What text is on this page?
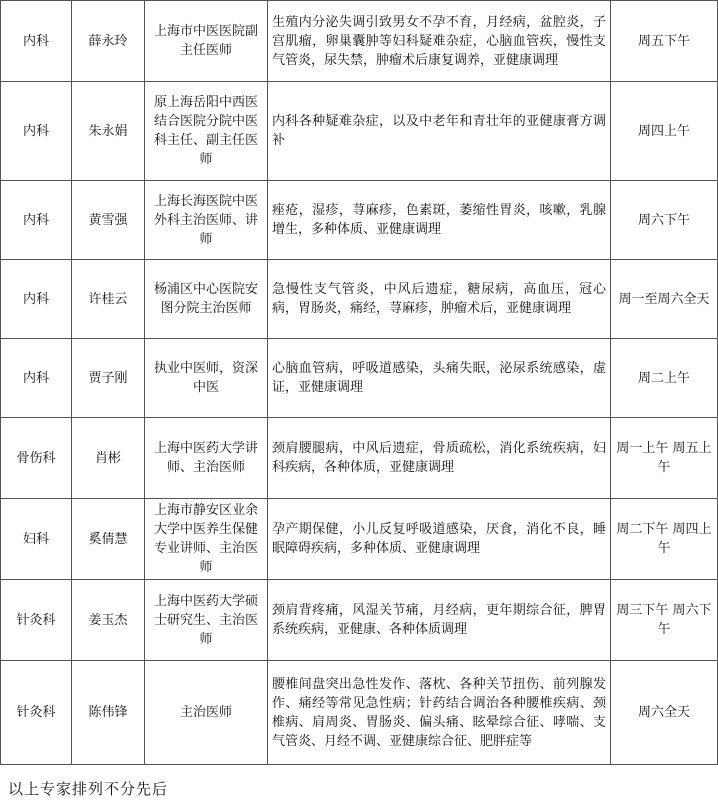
内科	薛永玲	上海市中医医院副主任医师	生殖内分泌失调引致男女不孕不育，月经病，盆腔炎，子宫肌瘤，卵巢囊肿等妇科疑难杂症，心脑血管疾，慢性支气管炎，尿失禁，肿瘤术后康复调养，亚健康调理	周五下午
内科	朱永娟	原上海岳阳中西医结合医院分院中医科主任、副主任医师	内科各种疑难杂症，以及中老年和青壮年的亚健康膏方调补	周四上午
内科	黄雪强	上海长海医院中医外科主治医师、讲师	痤疮，湿疹，荨麻疹，色素斑，萎缩性胃炎，咳嗽，乳腺增生，多种体质、亚健康调理	周六下午
内科	许桂云	杨浦区中心医院安图分院主治医师	急慢性支气管炎，中风后遗症，糖尿病，高血压，冠心病，胃肠炎，痛经，荨麻疹，肿瘤术后，亚健康调理	周一至周六全天
内科	贾子刚	执业中医师，资深中医	心脑血管病，呼吸道感染，头痛失眠，泌尿系统感染，虚证，亚健康调理	周二上午
骨伤科	肖彬	上海中医药大学讲师、主治医师	颈肩腰腿病，中风后遗症，骨质疏松，消化系统疾病，妇科疾病，各种体质，亚健康调理	周一上午 周五上午
妇科	奚倩慧	上海市静安区业余大学中医养生保健专业讲师、主治医师	孕产期保健，小儿反复呼吸道感染，厌食，消化不良，睡眠障碍疾病，多种体质、亚健康调理	周二下午 周四上午
针灸科	姜玉杰	上海中医药大学硕士研究生、主治医师	颈肩背疼痛，风湿关节痛，月经病，更年期综合征，脾胃系统疾病，亚健康、各种体质调理	周三下午 周六下午
针灸科	陈伟锋	主治医师	腰椎间盘突出急性发作、落枕、各种关节扭伤、前列腺发作、痛经等常见急性病；针药结合调治各种腰椎疾病、颈椎病、肩周炎、胃肠炎、偏头痛、眩晕综合征、哮喘、支气管炎、月经不调、亚健康综合征、肥胖症等	周六全天
以上专家排列不分先后
